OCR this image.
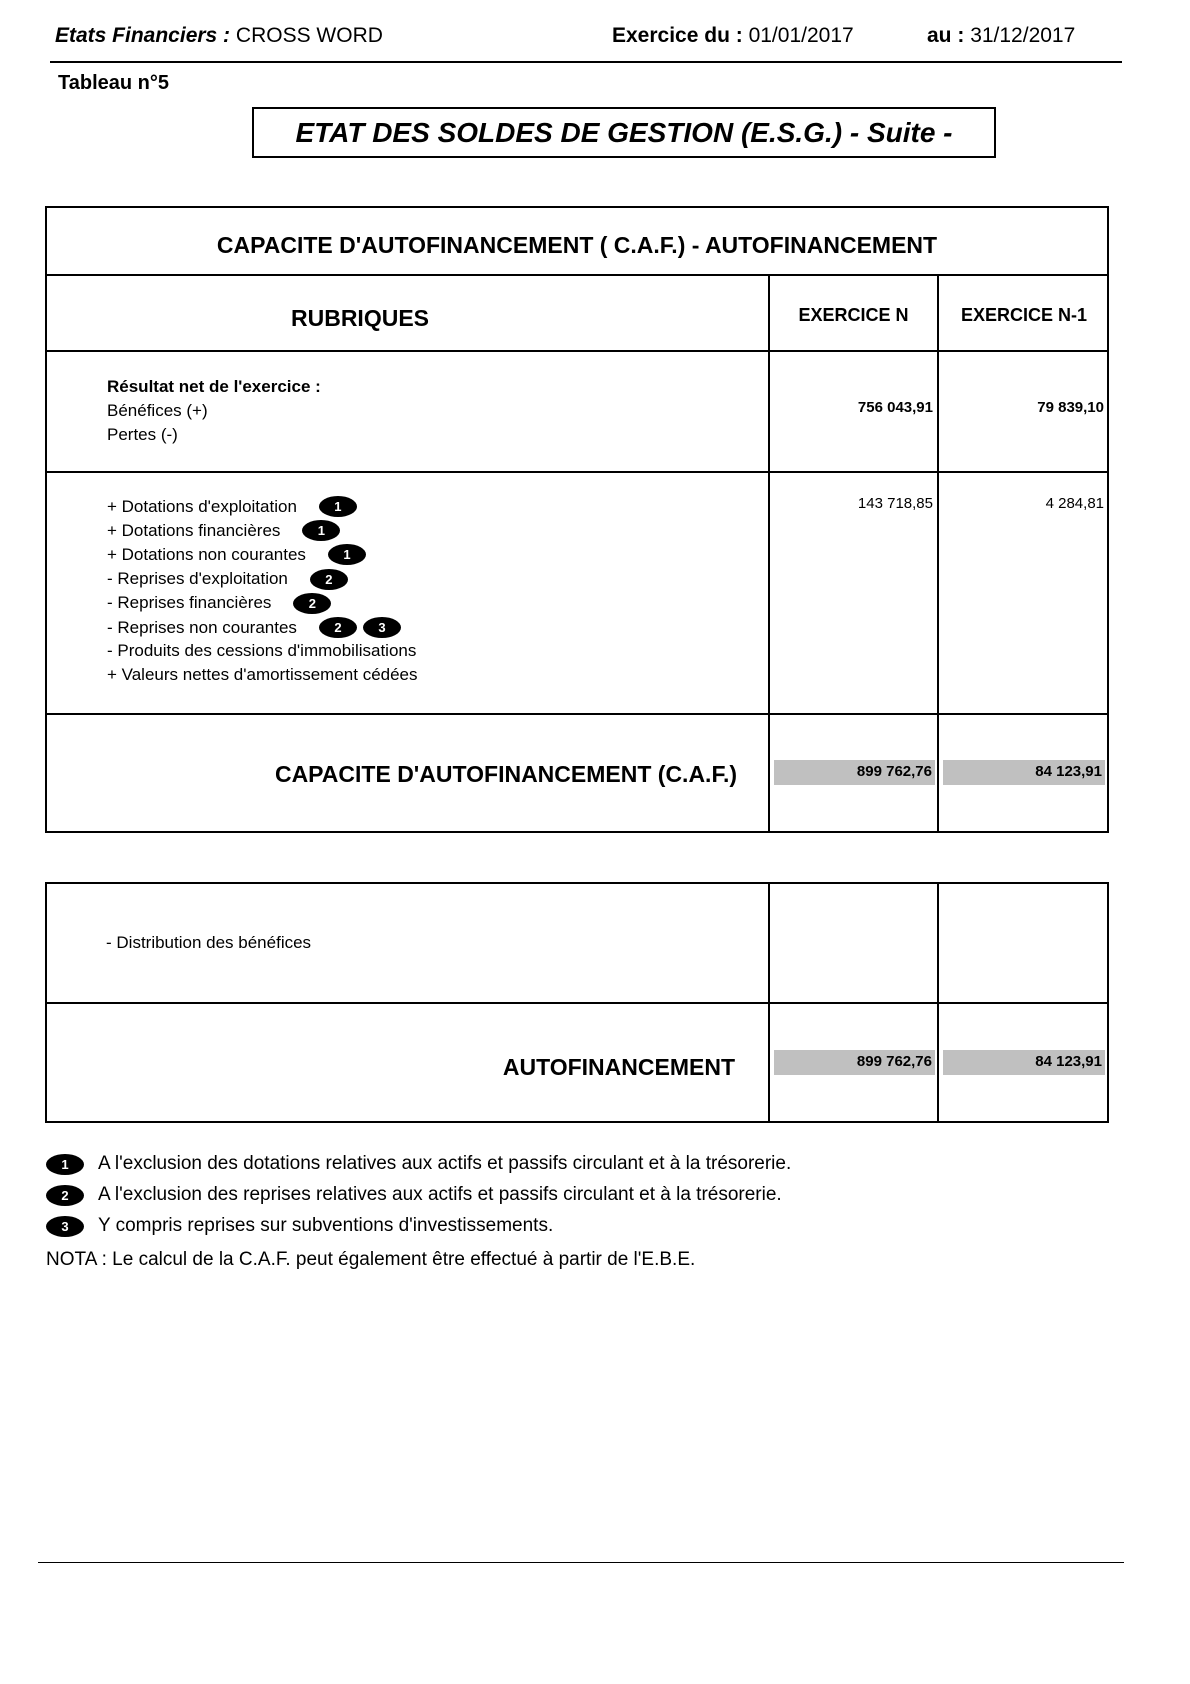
Etats Financiers : CROSS WORD	Exercice du : 01/01/2017	au : 31/12/2017
Tableau n°5
ETAT DES SOLDES DE GESTION (E.S.G.) - Suite -
CAPACITE D'AUTOFINANCEMENT ( C.A.F.) - AUTOFINANCEMENT
RUBRIQUES	EXERCICE N	EXERCICE N-1
Résultat net de l'exercice :
Bénéfices (+)
Pertes (-)
756 043,91	79 839,10
+ Dotations d'exploitation	1
+ Dotations financières	1
+ Dotations non courantes	1
- Reprises d'exploitation	2
- Reprises financières	2
- Reprises non courantes	2	3
- Produits des cessions d'immobilisations
+ Valeurs nettes d'amortissement cédées
143 718,85	4 284,81
CAPACITE D'AUTOFINANCEMENT (C.A.F.)	899 762,76	84 123,91
- Distribution des bénéfices
AUTOFINANCEMENT	899 762,76	84 123,91
1	A l'exclusion des dotations relatives aux actifs et passifs circulant et à la trésorerie.
2	A l'exclusion des reprises relatives aux actifs et passifs circulant et à la trésorerie.
3	Y compris reprises sur subventions d'investissements.
NOTA : Le calcul de la C.A.F. peut également être effectué à partir de l'E.B.E.
